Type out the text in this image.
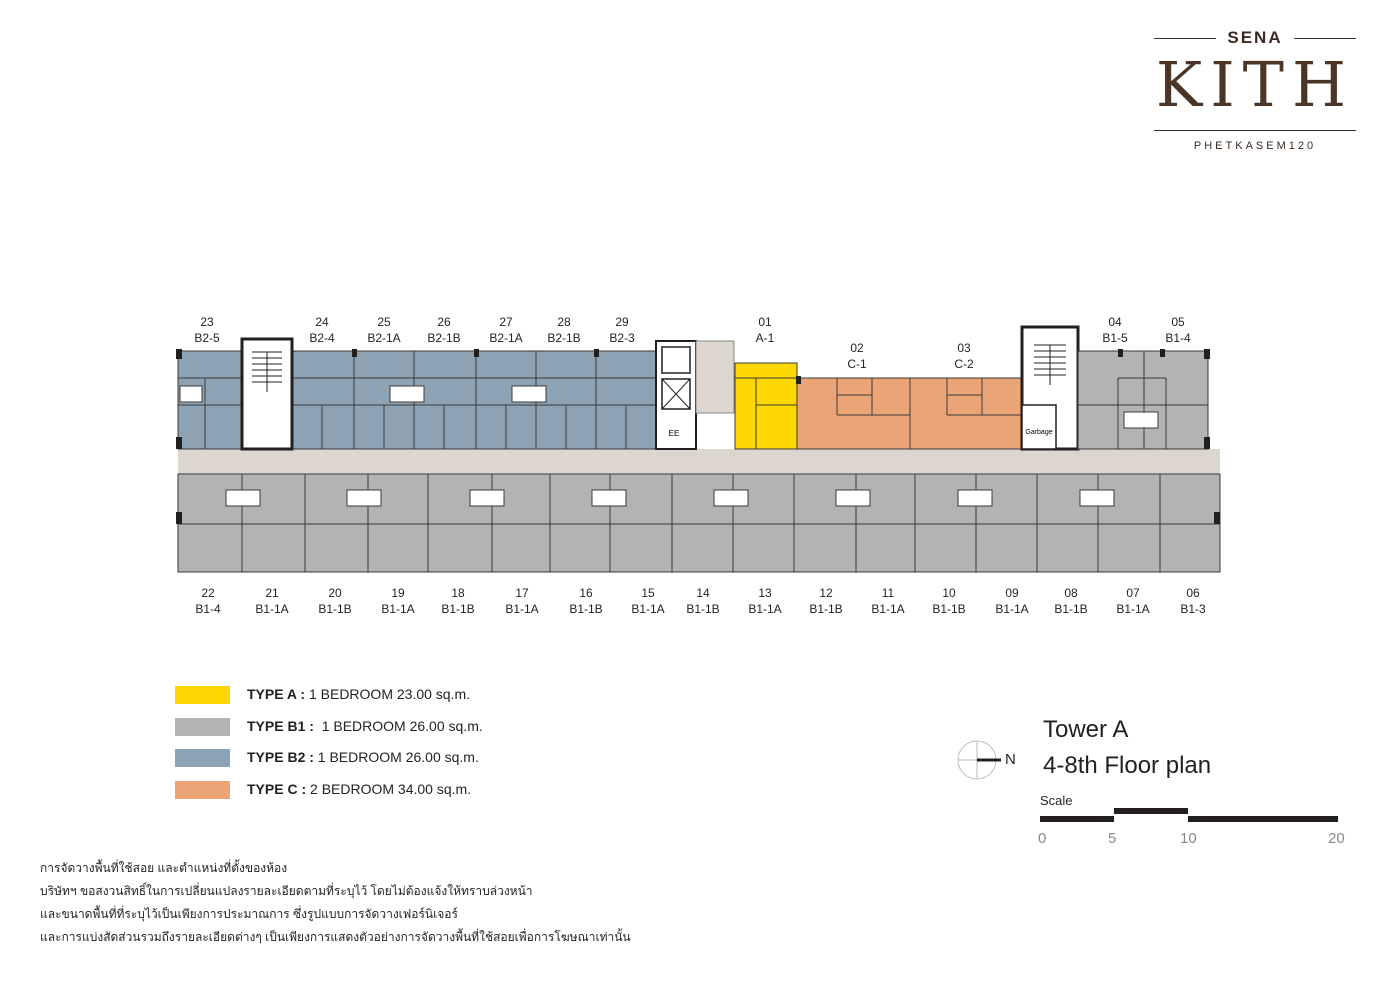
SENA
KITH
PHETKASEM120
23
B2-5
24
B2-4
25
B2-1A
26
B2-1B
27
B2-1A
28
B2-1B
29
B2-3
01
A-1
02
C-1
03
C-2
04
B1-5
05
B1-4
22
B1-4
21
B1-1A
20
B1-1B
19
B1-1A
18
B1-1B
17
B1-1A
16
B1-1B
15
B1-1A
14
B1-1B
13
B1-1A
12
B1-1B
11
B1-1A
10
B1-1B
09
B1-1A
08
B1-1B
07
B1-1A
06
B1-3
EE	Garbage
N
TYPE A : 1 BEDROOM 23.00 sq.m.
TYPE B1 : 1 BEDROOM 26.00 sq.m.
TYPE B2 : 1 BEDROOM 26.00 sq.m.
TYPE C : 2 BEDROOM 34.00 sq.m.
Tower A
4-8th Floor plan
Scale
0	5	10	20
การจัดวางพื้นที่ใช้สอย และตำแหน่งที่ตั้งของห้อง
บริษัทฯ ขอสงวนสิทธิ์ในการเปลี่ยนแปลงรายละเอียดตามที่ระบุไว้ โดยไม่ต้องแจ้งให้ทราบล่วงหน้า
และขนาดพื้นที่ที่ระบุไว้เป็นเพียงการประมาณการ ซึ่งรูปแบบการจัดวางเฟอร์นิเจอร์
และการแบ่งสัดส่วนรวมถึงรายละเอียดต่างๆ เป็นเพียงการแสดงตัวอย่างการจัดวางพื้นที่ใช้สอยเพื่อการโฆษณาเท่านั้น
